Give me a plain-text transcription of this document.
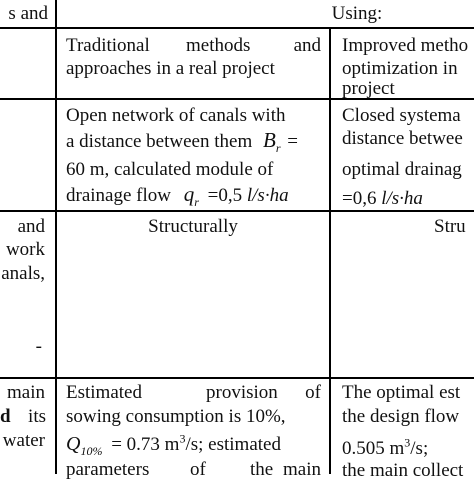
s and
and
work
anals,
-
main
d its
water
Using:
Traditional methods and
approaches in a real project
Improved metho
optimization in
project
Open network of canals with
a distance between them $B_r$ =
60 m, calculated module of
drainage flow $q_r =0,5$ l/s·ha
Closed systema
distance betwee
optimal drainag
=0,6 l/s·ha
Structurally	Stru
Estimated	provision of
sowing consumption is 10%,
$Q_{10\%} = 0.73$ $m^3/s$; estimated
parameters of the main
The optimal est
the design flow
0.505 $m^3/s$;
the main collect
